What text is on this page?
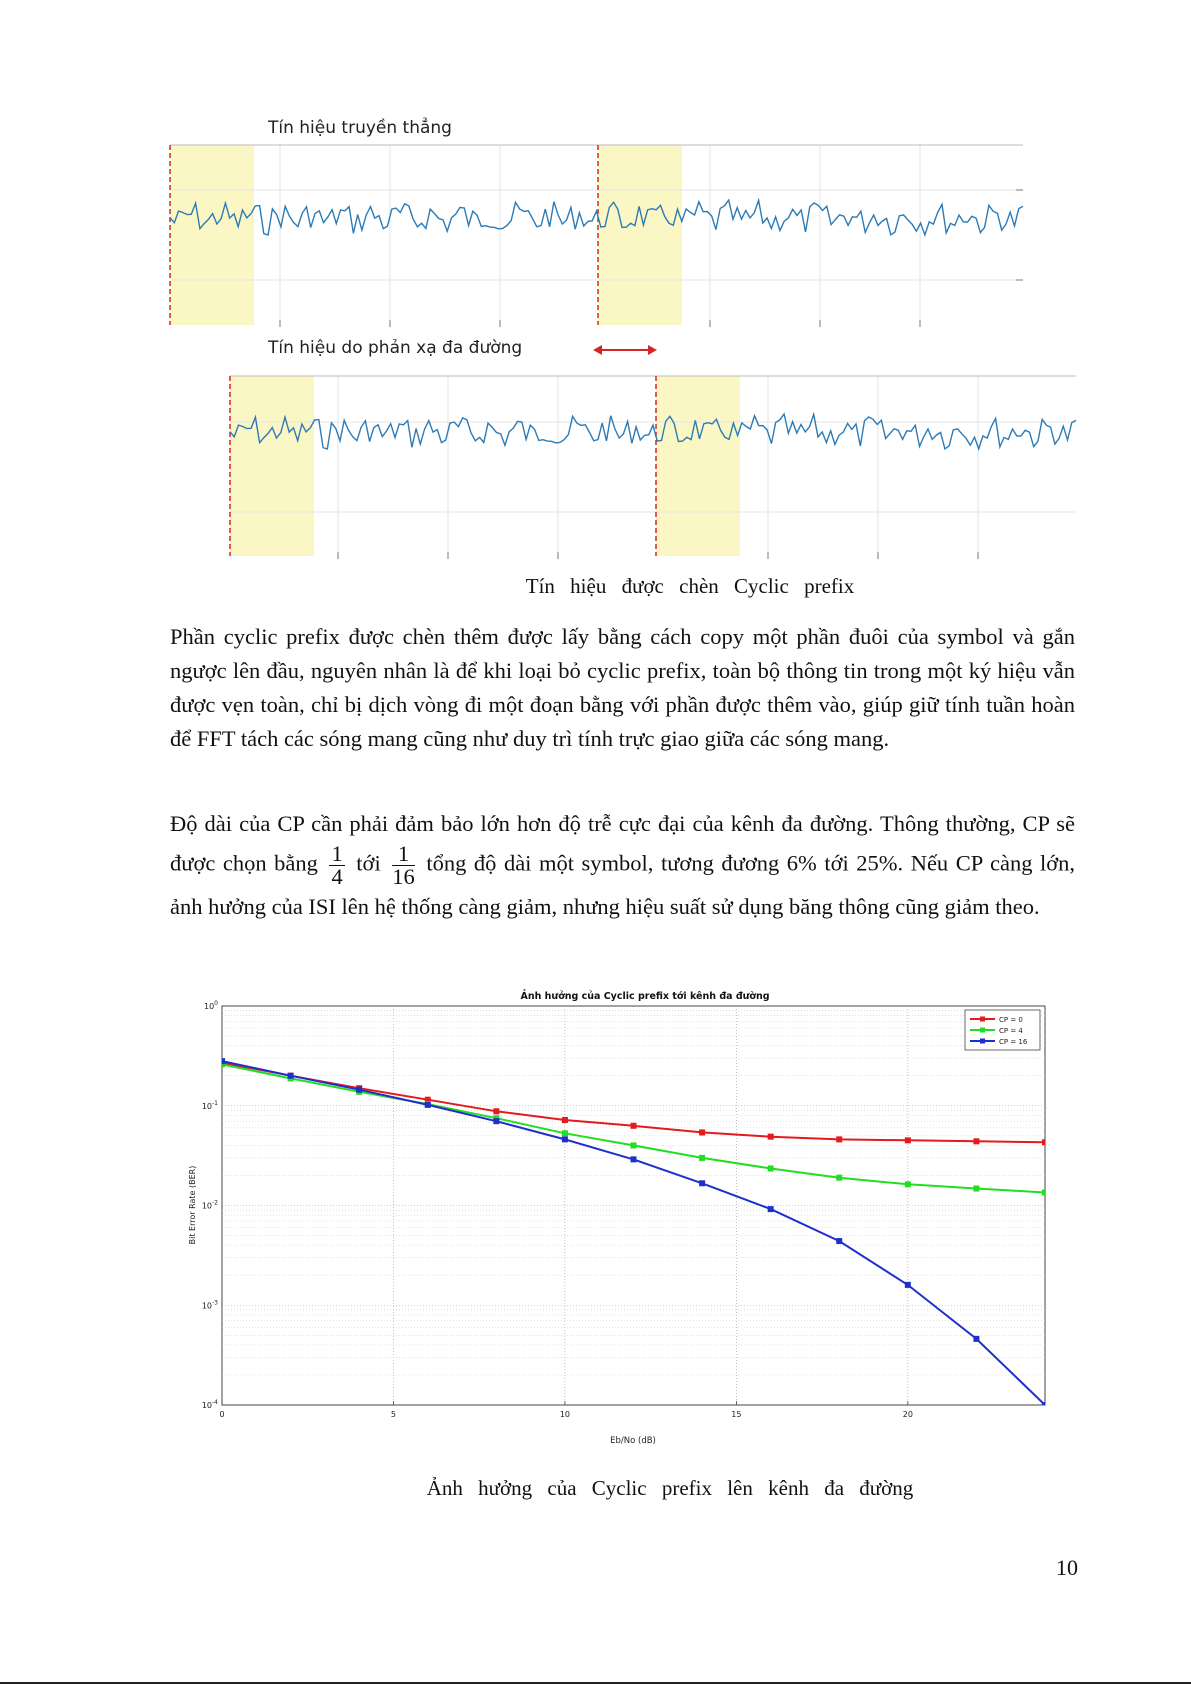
Tín hiệu truyền thẳng
Tín hiệu do phản xạ đa đường
Tín hiệu được chèn Cyclic prefix

Phần cyclic prefix được chèn thêm được lấy bằng cách copy một phần đuôi của symbol và gắn ngược lên đầu, nguyên nhân là để khi loại bỏ cyclic prefix, toàn bộ thông tin trong một ký hiệu vẫn được vẹn toàn, chỉ bị dịch vòng đi một đoạn bằng với phần được thêm vào, giúp giữ tính tuần hoàn để FFT tách các sóng mang cũng như duy trì tính trực giao giữa các sóng mang.

Độ dài của CP cần phải đảm bảo lớn hơn độ trễ cực đại của kênh đa đường. Thông thường, CP sẽ được chọn bằng $\frac{1}{4}$ tới $\frac{1}{16}$ tổng độ dài một symbol, tương đương 6% tới 25%. Nếu CP càng lớn, ảnh hưởng của ISI lên hệ thống càng giảm, nhưng hiệu suất sử dụng băng thông cũng giảm theo.

Ảnh hưởng của Cyclic prefix tới kênh đa đường
0	5	10	15	20
$10^0$
$10^{-1}$
$10^{-2}$
$10^{-3}$
$10^{-4}$
Eb/No (dB)
Bit Error Rate (BER)
CP = 0
CP = 4
CP = 16
Ảnh hưởng của Cyclic prefix lên kênh đa đường
10
